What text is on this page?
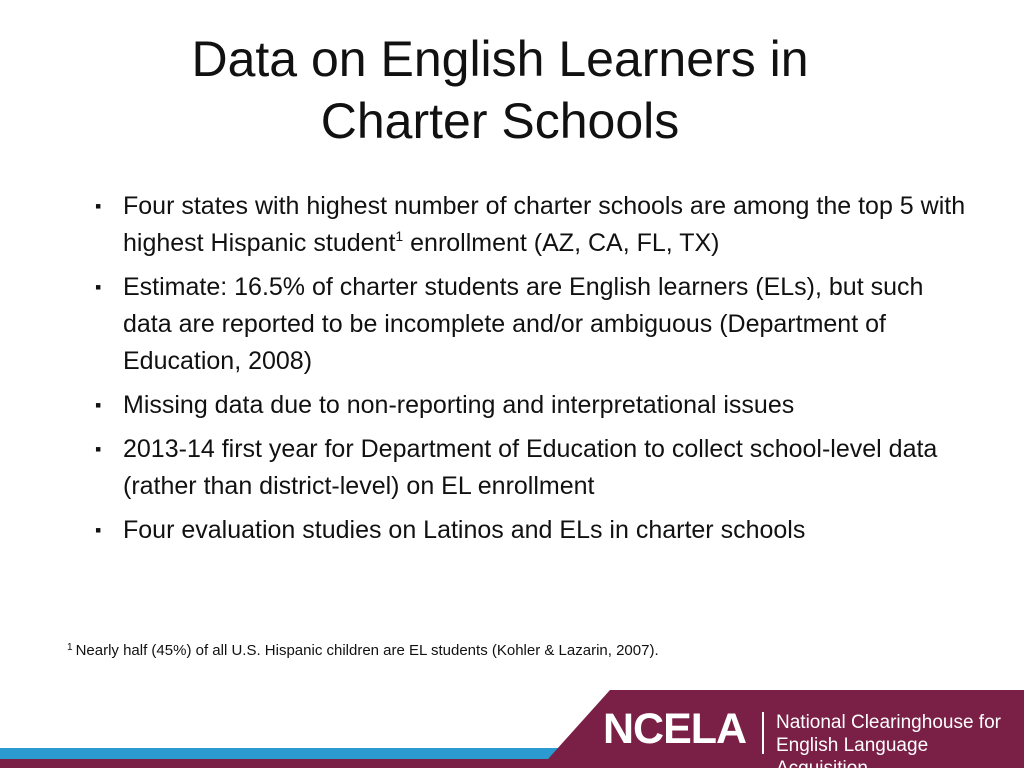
Data on English Learners in
Charter Schools
▪ Four states with highest number of charter schools are among the top 5 with highest Hispanic student$^1$ enrollment (AZ, CA, FL, TX)
▪ Estimate: 16.5% of charter students are English learners (ELs), but such data are reported to be incomplete and/or ambiguous (Department of Education, 2008)
▪ Missing data due to non-reporting and interpretational issues
▪ 2013-14 first year for Department of Education to collect school-level data (rather than district-level) on EL enrollment
▪ Four evaluation studies on Latinos and ELs in charter schools
$^1$ Nearly half (45%) of all U.S. Hispanic children are EL students (Kohler & Lazarin, 2007).
NCELA National Clearinghouse for
English Language Acquisition
